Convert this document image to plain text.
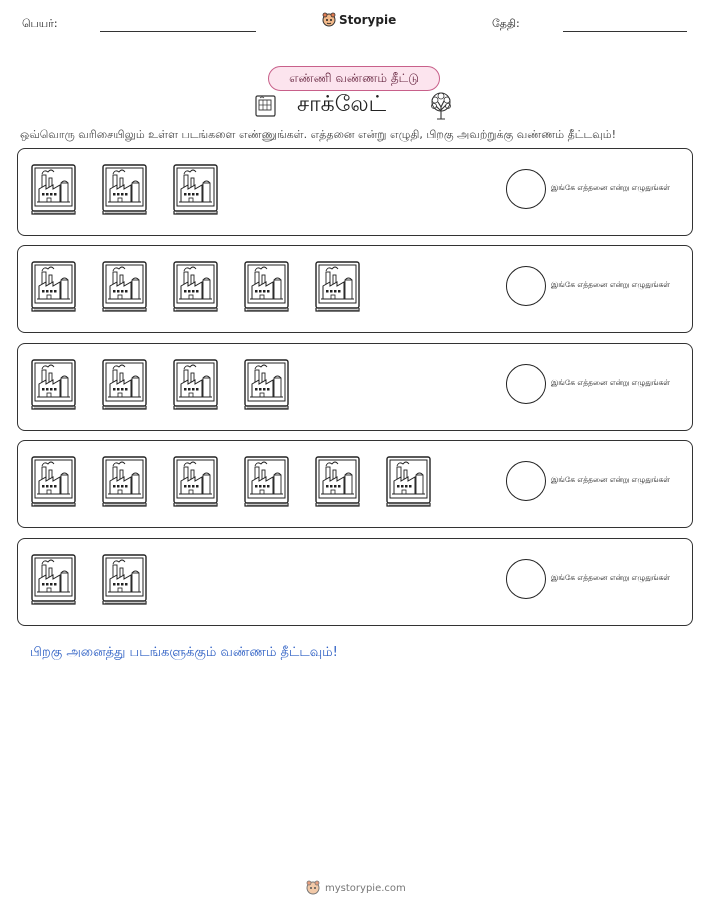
பெயர்:	Storypie	தேதி:
எண்ணி வண்ணம் தீட்டு
சாக்லேட்
ஒவ்வொரு வரிசையிலும் உள்ள படங்களை எண்ணுங்கள். எத்தனை என்று எழுதி, பிறகு அவற்றுக்கு வண்ணம் தீட்டவும்!
இங்கே எத்தனை என்று எழுதுங்கள்
இங்கே எத்தனை என்று எழுதுங்கள்
இங்கே எத்தனை என்று எழுதுங்கள்
இங்கே எத்தனை என்று எழுதுங்கள்
இங்கே எத்தனை என்று எழுதுங்கள்
பிறகு அனைத்து படங்களுக்கும் வண்ணம் தீட்டவும்!
mystorypie.com
